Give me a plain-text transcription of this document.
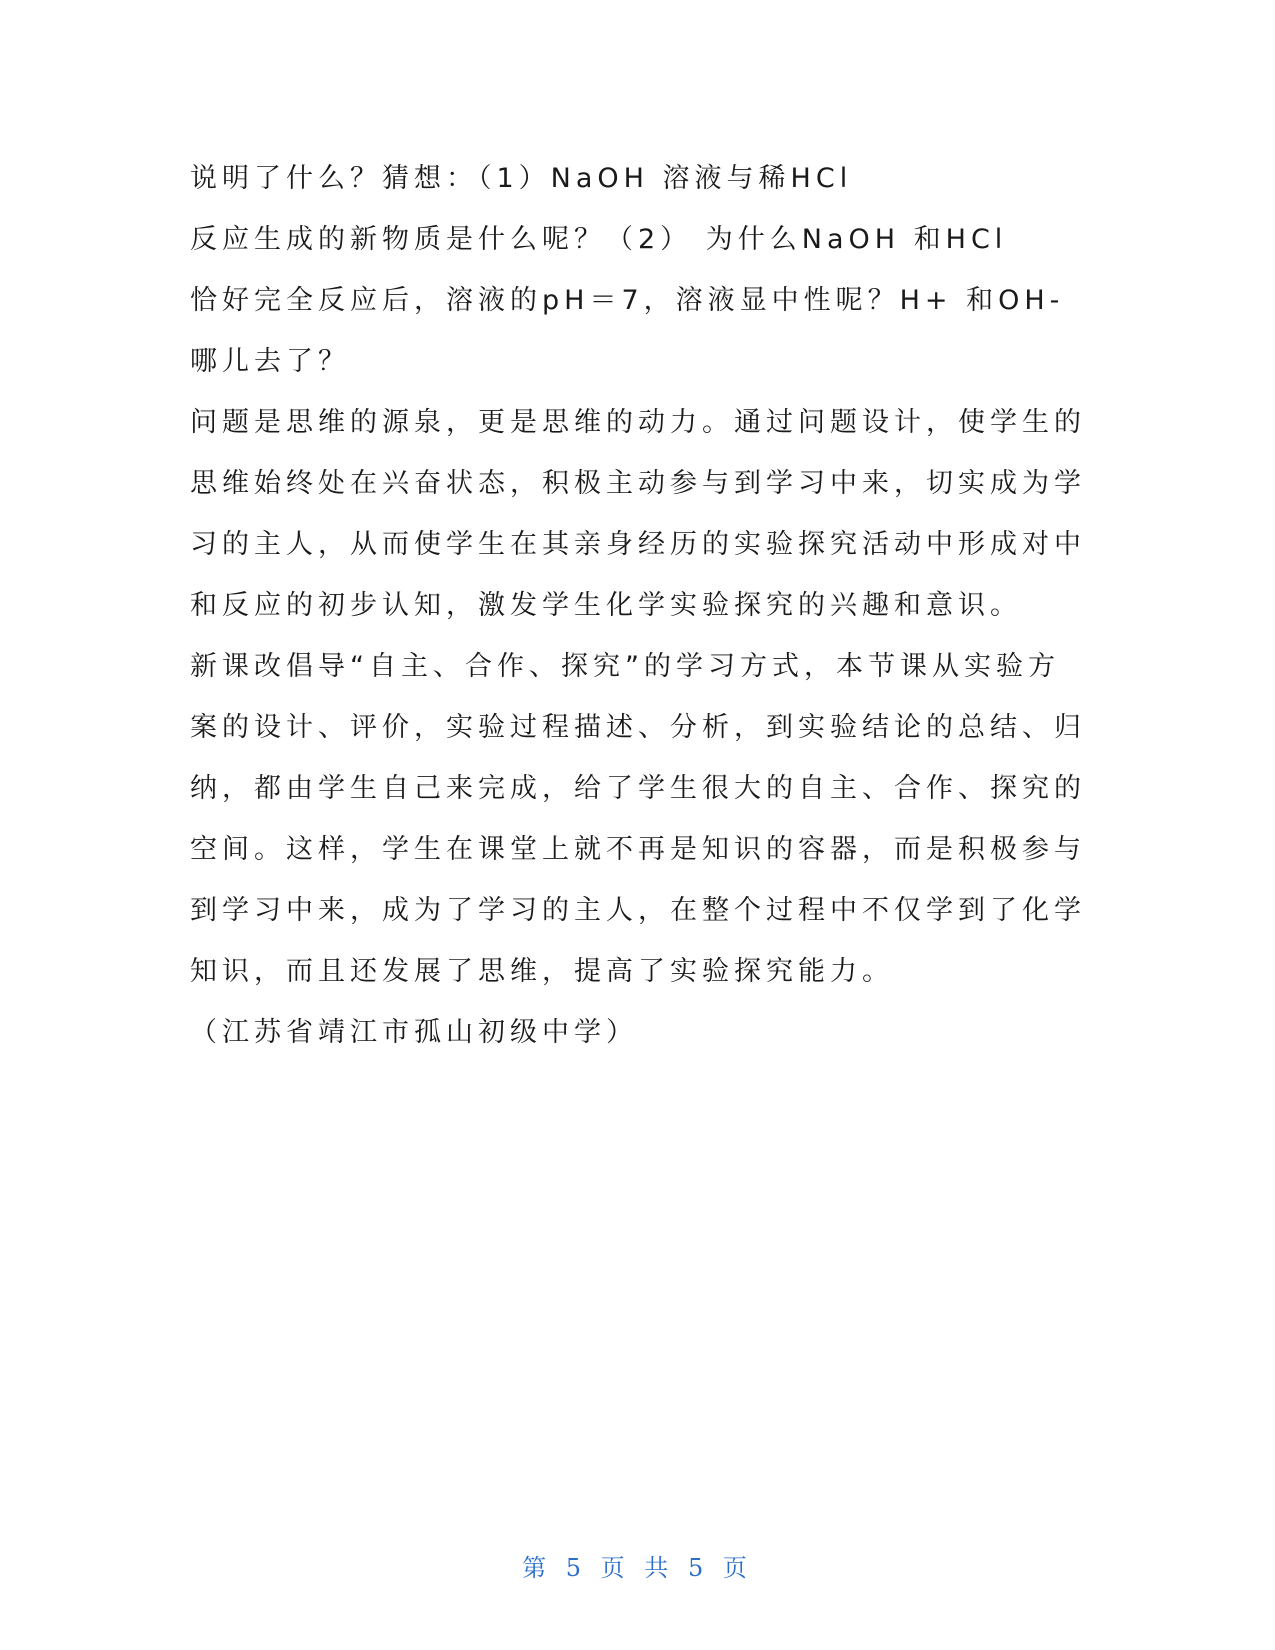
说明了什么？猜想：（1）NaOH 溶液与稀HCl
反应生成的新物质是什么呢？（2） 为什么NaOH 和HCl
恰好完全反应后，溶液的pH＝7，溶液显中性呢？H+ 和OH-
哪儿去了？
问题是思维的源泉，更是思维的动力。通过问题设计，使学生的
思维始终处在兴奋状态，积极主动参与到学习中来，切实成为学
习的主人，从而使学生在其亲身经历的实验探究活动中形成对中
和反应的初步认知，激发学生化学实验探究的兴趣和意识。
新课改倡导“自主、合作、探究”的学习方式，本节课从实验方
案的设计、评价，实验过程描述、分析，到实验结论的总结、归
纳，都由学生自己来完成，给了学生很大的自主、合作、探究的
空间。这样，学生在课堂上就不再是知识的容器，而是积极参与
到学习中来，成为了学习的主人，在整个过程中不仅学到了化学
知识，而且还发展了思维，提高了实验探究能力。
（江苏省靖江市孤山初级中学）
第 5 页 共 5 页
